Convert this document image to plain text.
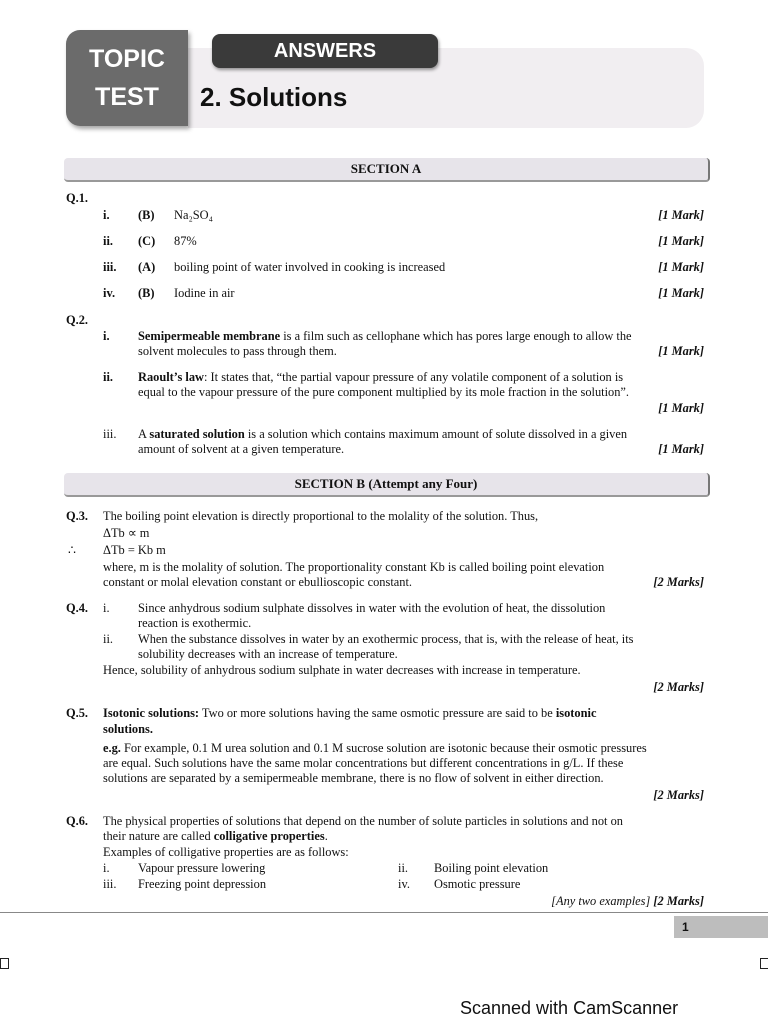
TOPIC
TEST
ANSWERS
2. Solutions
SECTION A
Q.1.
i. (B) Na₂SO₄	[1 Mark]
ii. (C) 87%	[1 Mark]
iii. (A) boiling point of water involved in cooking is increased	[1 Mark]
iv. (B) Iodine in air	[1 Mark]
Q.2.
i. Semipermeable membrane is a film such as cellophane which has pores large enough to allow the
solvent molecules to pass through them.	[1 Mark]
ii. Raoult’s law: It states that, “the partial vapour pressure of any volatile component of a solution is
equal to the vapour pressure of the pure component multiplied by its mole fraction in the solution”.
[1 Mark]
iii. A saturated solution is a solution which contains maximum amount of solute dissolved in a given
amount of solvent at a given temperature.	[1 Mark]
SECTION B (Attempt any Four)
Q.3. The boiling point elevation is directly proportional to the molality of the solution. Thus,
ΔTb ∝ m
∴ ΔTb = Kb m
where, m is the molality of solution. The proportionality constant Kb is called boiling point elevation
constant or molal elevation constant or ebullioscopic constant.	[2 Marks]
Q.4. i. Since anhydrous sodium sulphate dissolves in water with the evolution of heat, the dissolution
reaction is exothermic.
ii. When the substance dissolves in water by an exothermic process, that is, with the release of heat, its
solubility decreases with an increase of temperature.
Hence, solubility of anhydrous sodium sulphate in water decreases with increase in temperature.
[2 Marks]
Q.5. Isotonic solutions: Two or more solutions having the same osmotic pressure are said to be isotonic
solutions.
e.g. For example, 0.1 M urea solution and 0.1 M sucrose solution are isotonic because their osmotic pressures
are equal. Such solutions have the same molar concentrations but different concentrations in g/L. If these
solutions are separated by a semipermeable membrane, there is no flow of solvent in either direction.
[2 Marks]
Q.6. The physical properties of solutions that depend on the number of solute particles in solutions and not on
their nature are called colligative properties.
Examples of colligative properties are as follows:
i. Vapour pressure lowering	ii. Boiling point elevation
iii. Freezing point depression	iv. Osmotic pressure
[Any two examples] [2 Marks]
1
Scanned with CamScanner
